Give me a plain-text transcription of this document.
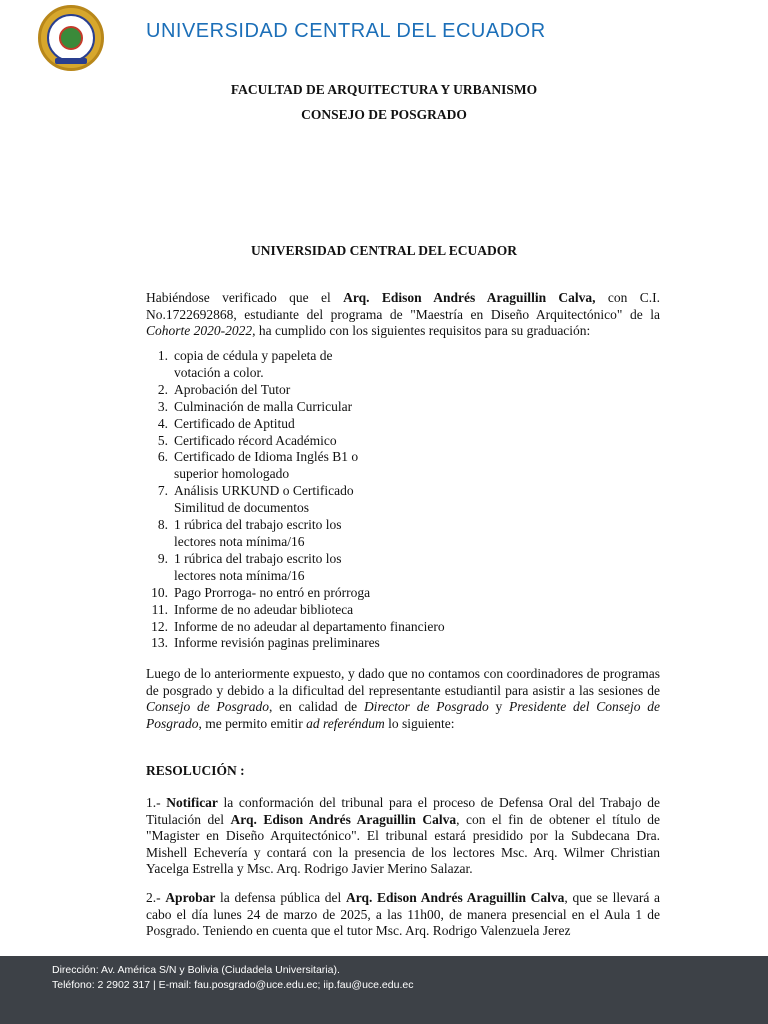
UNIVERSIDAD CENTRAL DEL ECUADOR
FACULTAD DE ARQUITECTURA Y URBANISMO
CONSEJO DE POSGRADO
UNIVERSIDAD CENTRAL DEL ECUADOR

Habiéndose verificado que el Arq. Edison Andrés Araguillin Calva, con C.I. No.1722692868, estudiante del programa de "Maestría en Diseño Arquitectónico" de la Cohorte 2020-2022, ha cumplido con los siguientes requisitos para su graduación:

1. copia de cédula y papeleta de votación a color.
2. Aprobación del Tutor
3. Culminación de malla Curricular
4. Certificado de Aptitud
5. Certificado récord Académico
6. Certificado de Idioma Inglés B1 o superior homologado
7. Análisis URKUND o Certificado Similitud de documentos
8. 1 rúbrica del trabajo escrito los lectores nota mínima/16
9. 1 rúbrica del trabajo escrito los lectores nota mínima/16
10. Pago Prorroga- no entró en prórroga
11. Informe de no adeudar biblioteca
12. Informe de no adeudar al departamento financiero
13. Informe revisión paginas preliminares

Luego de lo anteriormente expuesto, y dado que no contamos con coordinadores de programas de posgrado y debido a la dificultad del representante estudiantil para asistir a las sesiones de Consejo de Posgrado, en calidad de Director de Posgrado y Presidente del Consejo de Posgrado, me permito emitir ad referéndum lo siguiente:

RESOLUCIÓN :

1.- Notificar la conformación del tribunal para el proceso de Defensa Oral del Trabajo de Titulación del Arq. Edison Andrés Araguillin Calva, con el fin de obtener el título de "Magister en Diseño Arquitectónico". El tribunal estará presidido por la Subdecana Dra. Mishell Echevería y contará con la presencia de los lectores Msc. Arq. Wilmer Christian Yacelga Estrella y Msc. Arq. Rodrigo Javier Merino Salazar.

2.- Aprobar la defensa pública del Arq. Edison Andrés Araguillin Calva, que se llevará a cabo el día lunes 24 de marzo de 2025, a las 11h00, de manera presencial en el Aula 1 de Posgrado. Teniendo en cuenta que el tutor Msc. Arq. Rodrigo Valenzuela Jerez

Dirección: Av. América S/N y Bolivia (Ciudadela Universitaria).
Teléfono: 2 2902 317 | E-mail: fau.posgrado@uce.edu.ec; iip.fau@uce.edu.ec
